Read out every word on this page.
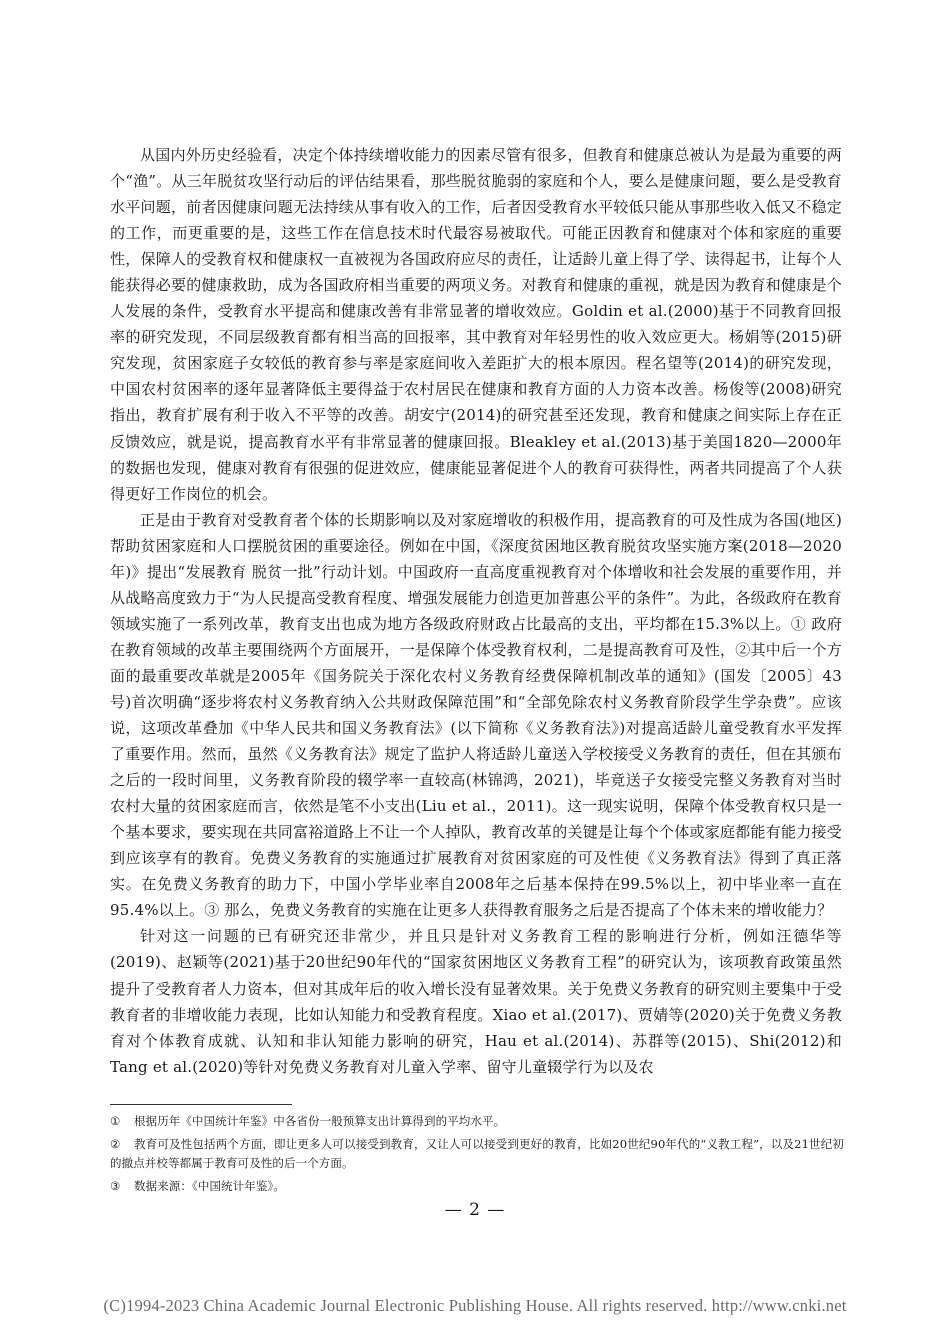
从国内外历史经验看，决定个体持续增收能力的因素尽管有很多，但教育和健康总被认为是最为重要的两个“渔”。从三年脱贫攻坚行动后的评估结果看，那些脱贫脆弱的家庭和个人，要么是健康问题，要么是受教育水平问题，前者因健康问题无法持续从事有收入的工作，后者因受教育水平较低只能从事那些收入低又不稳定的工作，而更重要的是，这些工作在信息技术时代最容易被取代。可能正因教育和健康对个体和家庭的重要性，保障人的受教育权和健康权一直被视为各国政府应尽的责任，让适龄儿童上得了学、读得起书，让每个人能获得必要的健康救助，成为各国政府相当重要的两项义务。对教育和健康的重视，就是因为教育和健康是个人发展的条件，受教育水平提高和健康改善有非常显著的增收效应。Goldin et al.(2000)基于不同教育回报率的研究发现，不同层级教育都有相当高的回报率，其中教育对年轻男性的收入效应更大。杨娟等(2015)研究发现，贫困家庭子女较低的教育参与率是家庭间收入差距扩大的根本原因。程名望等(2014)的研究发现，中国农村贫困率的逐年显著降低主要得益于农村居民在健康和教育方面的人力资本改善。杨俊等(2008)研究指出，教育扩展有利于收入不平等的改善。胡安宁(2014)的研究甚至还发现，教育和健康之间实际上存在正反馈效应，就是说，提高教育水平有非常显著的健康回报。Bleakley et al.(2013)基于美国1820—2000年的数据也发现，健康对教育有很强的促进效应，健康能显著促进个人的教育可获得性，两者共同提高了个人获得更好工作岗位的机会。

正是由于教育对受教育者个体的长期影响以及对家庭增收的积极作用，提高教育的可及性成为各国(地区)帮助贫困家庭和人口摆脱贫困的重要途径。例如在中国，《深度贫困地区教育脱贫攻坚实施方案(2018—2020年)》提出“发展教育 脱贫一批”行动计划。中国政府一直高度重视教育对个体增收和社会发展的重要作用，并从战略高度致力于“为人民提高受教育程度、增强发展能力创造更加普惠公平的条件”。为此，各级政府在教育领域实施了一系列改革，教育支出也成为地方各级政府财政占比最高的支出，平均都在15.3%以上。① 政府在教育领域的改革主要围绕两个方面展开，一是保障个体受教育权利，二是提高教育可及性，②其中后一个方面的最重要改革就是2005年《国务院关于深化农村义务教育经费保障机制改革的通知》(国发〔2005〕43号)首次明确“逐步将农村义务教育纳入公共财政保障范围”和“全部免除农村义务教育阶段学生学杂费”。应该说，这项改革叠加《中华人民共和国义务教育法》(以下简称《义务教育法》)对提高适龄儿童受教育水平发挥了重要作用。然而，虽然《义务教育法》规定了监护人将适龄儿童送入学校接受义务教育的责任，但在其颁布之后的一段时间里，义务教育阶段的辍学率一直较高(林锦鸿，2021)，毕竟送子女接受完整义务教育对当时农村大量的贫困家庭而言，依然是笔不小支出(Liu et al.，2011)。这一现实说明，保障个体受教育权只是一个基本要求，要实现在共同富裕道路上不让一个人掉队，教育改革的关键是让每个个体或家庭都能有能力接受到应该享有的教育。免费义务教育的实施通过扩展教育对贫困家庭的可及性使《义务教育法》得到了真正落实。在免费义务教育的助力下，中国小学毕业率自2008年之后基本保持在99.5%以上，初中毕业率一直在95.4%以上。③ 那么，免费义务教育的实施在让更多人获得教育服务之后是否提高了个体未来的增收能力？

针对这一问题的已有研究还非常少，并且只是针对义务教育工程的影响进行分析，例如汪德华等(2019)、赵颖等(2021)基于20世纪90年代的“国家贫困地区义务教育工程”的研究认为，该项教育政策虽然提升了受教育者人力资本，但对其成年后的收入增长没有显著效果。关于免费义务教育的研究则主要集中于受教育者的非增收能力表现，比如认知能力和受教育程度。Xiao et al.(2017)、贾婧等(2020)关于免费义务教育对个体教育成就、认知和非认知能力影响的研究，Hau et al.(2014)、苏群等(2015)、Shi(2012)和Tang et al.(2020)等针对免费义务教育对儿童入学率、留守儿童辍学行为以及农

① 根据历年《中国统计年鉴》中各省份一般预算支出计算得到的平均水平。

② 教育可及性包括两个方面，即让更多人可以接受到教育，又让人可以接受到更好的教育，比如20世纪90年代的“义教工程”，以及21世纪初的撤点并校等都属于教育可及性的后一个方面。

③ 数据来源：《中国统计年鉴》。

— 2 —
(C)1994-2023 China Academic Journal Electronic Publishing House. All rights reserved. http://www.cnki.net
